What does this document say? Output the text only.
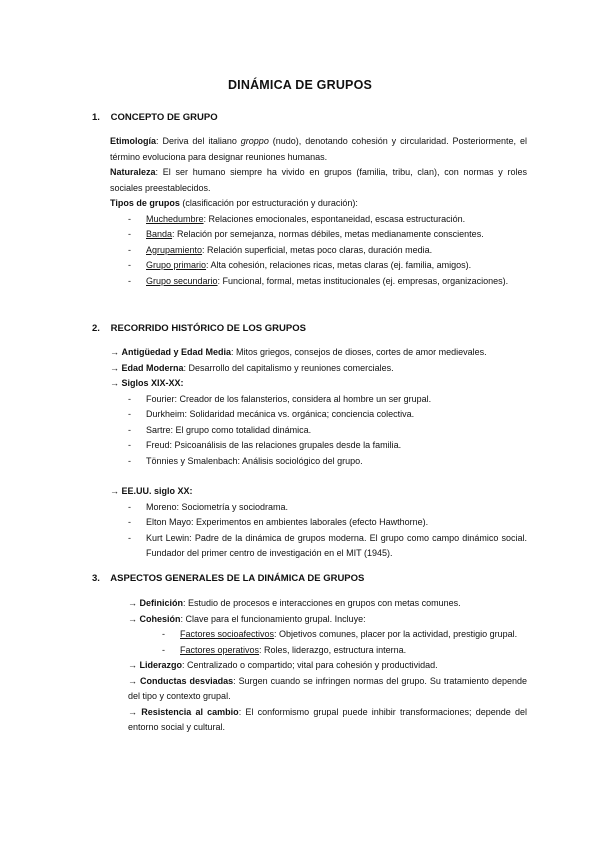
DINÁMICA DE GRUPOS
1. CONCEPTO DE GRUPO
Etimología: Deriva del italiano groppo (nudo), denotando cohesión y circularidad. Posteriormente, el término evoluciona para designar reuniones humanas.
Naturaleza: El ser humano siempre ha vivido en grupos (familia, tribu, clan), con normas y roles sociales preestablecidos.
Tipos de grupos (clasificación por estructuración y duración):
- Muchedumbre: Relaciones emocionales, espontaneidad, escasa estructuración.
- Banda: Relación por semejanza, normas débiles, metas medianamente conscientes.
- Agrupamiento: Relación superficial, metas poco claras, duración media.
- Grupo primario: Alta cohesión, relaciones ricas, metas claras (ej. familia, amigos).
- Grupo secundario: Funcional, formal, metas institucionales (ej. empresas, organizaciones).
2. RECORRIDO HISTÓRICO DE LOS GRUPOS
→ Antigüedad y Edad Media: Mitos griegos, consejos de dioses, cortes de amor medievales.
→ Edad Moderna: Desarrollo del capitalismo y reuniones comerciales.
→ Siglos XIX-XX:
- Fourier: Creador de los falansterios, considera al hombre un ser grupal.
- Durkheim: Solidaridad mecánica vs. orgánica; conciencia colectiva.
- Sartre: El grupo como totalidad dinámica.
- Freud: Psicoanálisis de las relaciones grupales desde la familia.
- Tönnies y Smalenbach: Análisis sociológico del grupo.
→ EE.UU. siglo XX:
- Moreno: Sociometría y sociodrama.
- Elton Mayo: Experimentos en ambientes laborales (efecto Hawthorne).
- Kurt Lewin: Padre de la dinámica de grupos moderna. El grupo como campo dinámico social. Fundador del primer centro de investigación en el MIT (1945).
3. ASPECTOS GENERALES DE LA DINÁMICA DE GRUPOS
→ Definición: Estudio de procesos e interacciones en grupos con metas comunes.
→ Cohesión: Clave para el funcionamiento grupal. Incluye:
- Factores socioafectivos: Objetivos comunes, placer por la actividad, prestigio grupal.
- Factores operativos: Roles, liderazgo, estructura interna.
→ Liderazgo: Centralizado o compartido; vital para cohesión y productividad.
→ Conductas desviadas: Surgen cuando se infringen normas del grupo. Su tratamiento depende del tipo y contexto grupal.
→ Resistencia al cambio: El conformismo grupal puede inhibir transformaciones; depende del entorno social y cultural.
